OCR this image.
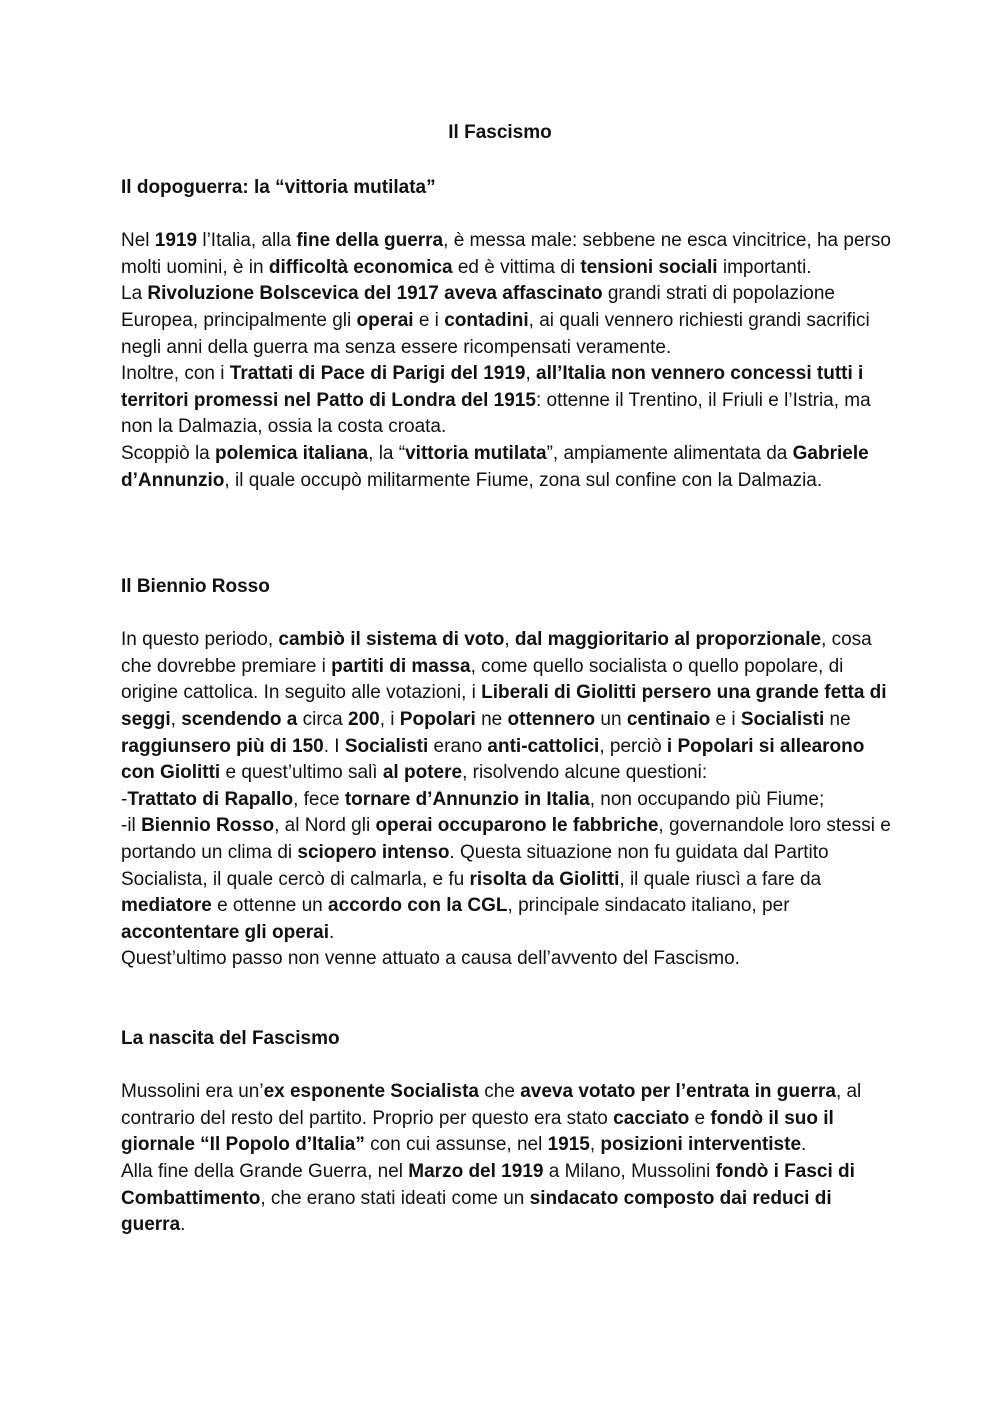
Il Fascismo
Il dopoguerra: la “vittoria mutilata”

Nel 1919 l’Italia, alla fine della guerra, è messa male: sebbene ne esca vincitrice, ha perso molti uomini, è in difficoltà economica ed è vittima di tensioni sociali importanti.

La Rivoluzione Bolscevica del 1917 aveva affascinato grandi strati di popolazione Europea, principalmente gli operai e i contadini, ai quali vennero richiesti grandi sacrifici negli anni della guerra ma senza essere ricompensati veramente.

Inoltre, con i Trattati di Pace di Parigi del 1919, all’Italia non vennero concessi tutti i territori promessi nel Patto di Londra del 1915: ottenne il Trentino, il Friuli e l’Istria, ma non la Dalmazia, ossia la costa croata.

Scoppiò la polemica italiana, la “vittoria mutilata”, ampiamente alimentata da Gabriele d’Annunzio, il quale occupò militarmente Fiume, zona sul confine con la Dalmazia.

Il Biennio Rosso

In questo periodo, cambiò il sistema di voto, dal maggioritario al proporzionale, cosa che dovrebbe premiare i partiti di massa, come quello socialista o quello popolare, di origine cattolica. In seguito alle votazioni, i Liberali di Giolitti persero una grande fetta di seggi, scendendo a circa 200, i Popolari ne ottennero un centinaio e i Socialisti ne raggiunsero più di 150. I Socialisti erano anti-cattolici, perciò i Popolari si allearono con Giolitti e quest’ultimo salì al potere, risolvendo alcune questioni:

-Trattato di Rapallo, fece tornare d’Annunzio in Italia, non occupando più Fiume;

-il Biennio Rosso, al Nord gli operai occuparono le fabbriche, governandole loro stessi e portando un clima di sciopero intenso. Questa situazione non fu guidata dal Partito Socialista, il quale cercò di calmarla, e fu risolta da Giolitti, il quale riuscì a fare da mediatore e ottenne un accordo con la CGL, principale sindacato italiano, per accontentare gli operai.

Quest’ultimo passo non venne attuato a causa dell’avvento del Fascismo.

La nascita del Fascismo

Mussolini era un’ex esponente Socialista che aveva votato per l’entrata in guerra, al contrario del resto del partito. Proprio per questo era stato cacciato e fondò il suo il giornale “Il Popolo d’Italia” con cui assunse, nel 1915, posizioni interventiste.

Alla fine della Grande Guerra, nel Marzo del 1919 a Milano, Mussolini fondò i Fasci di Combattimento, che erano stati ideati come un sindacato composto dai reduci di guerra.
